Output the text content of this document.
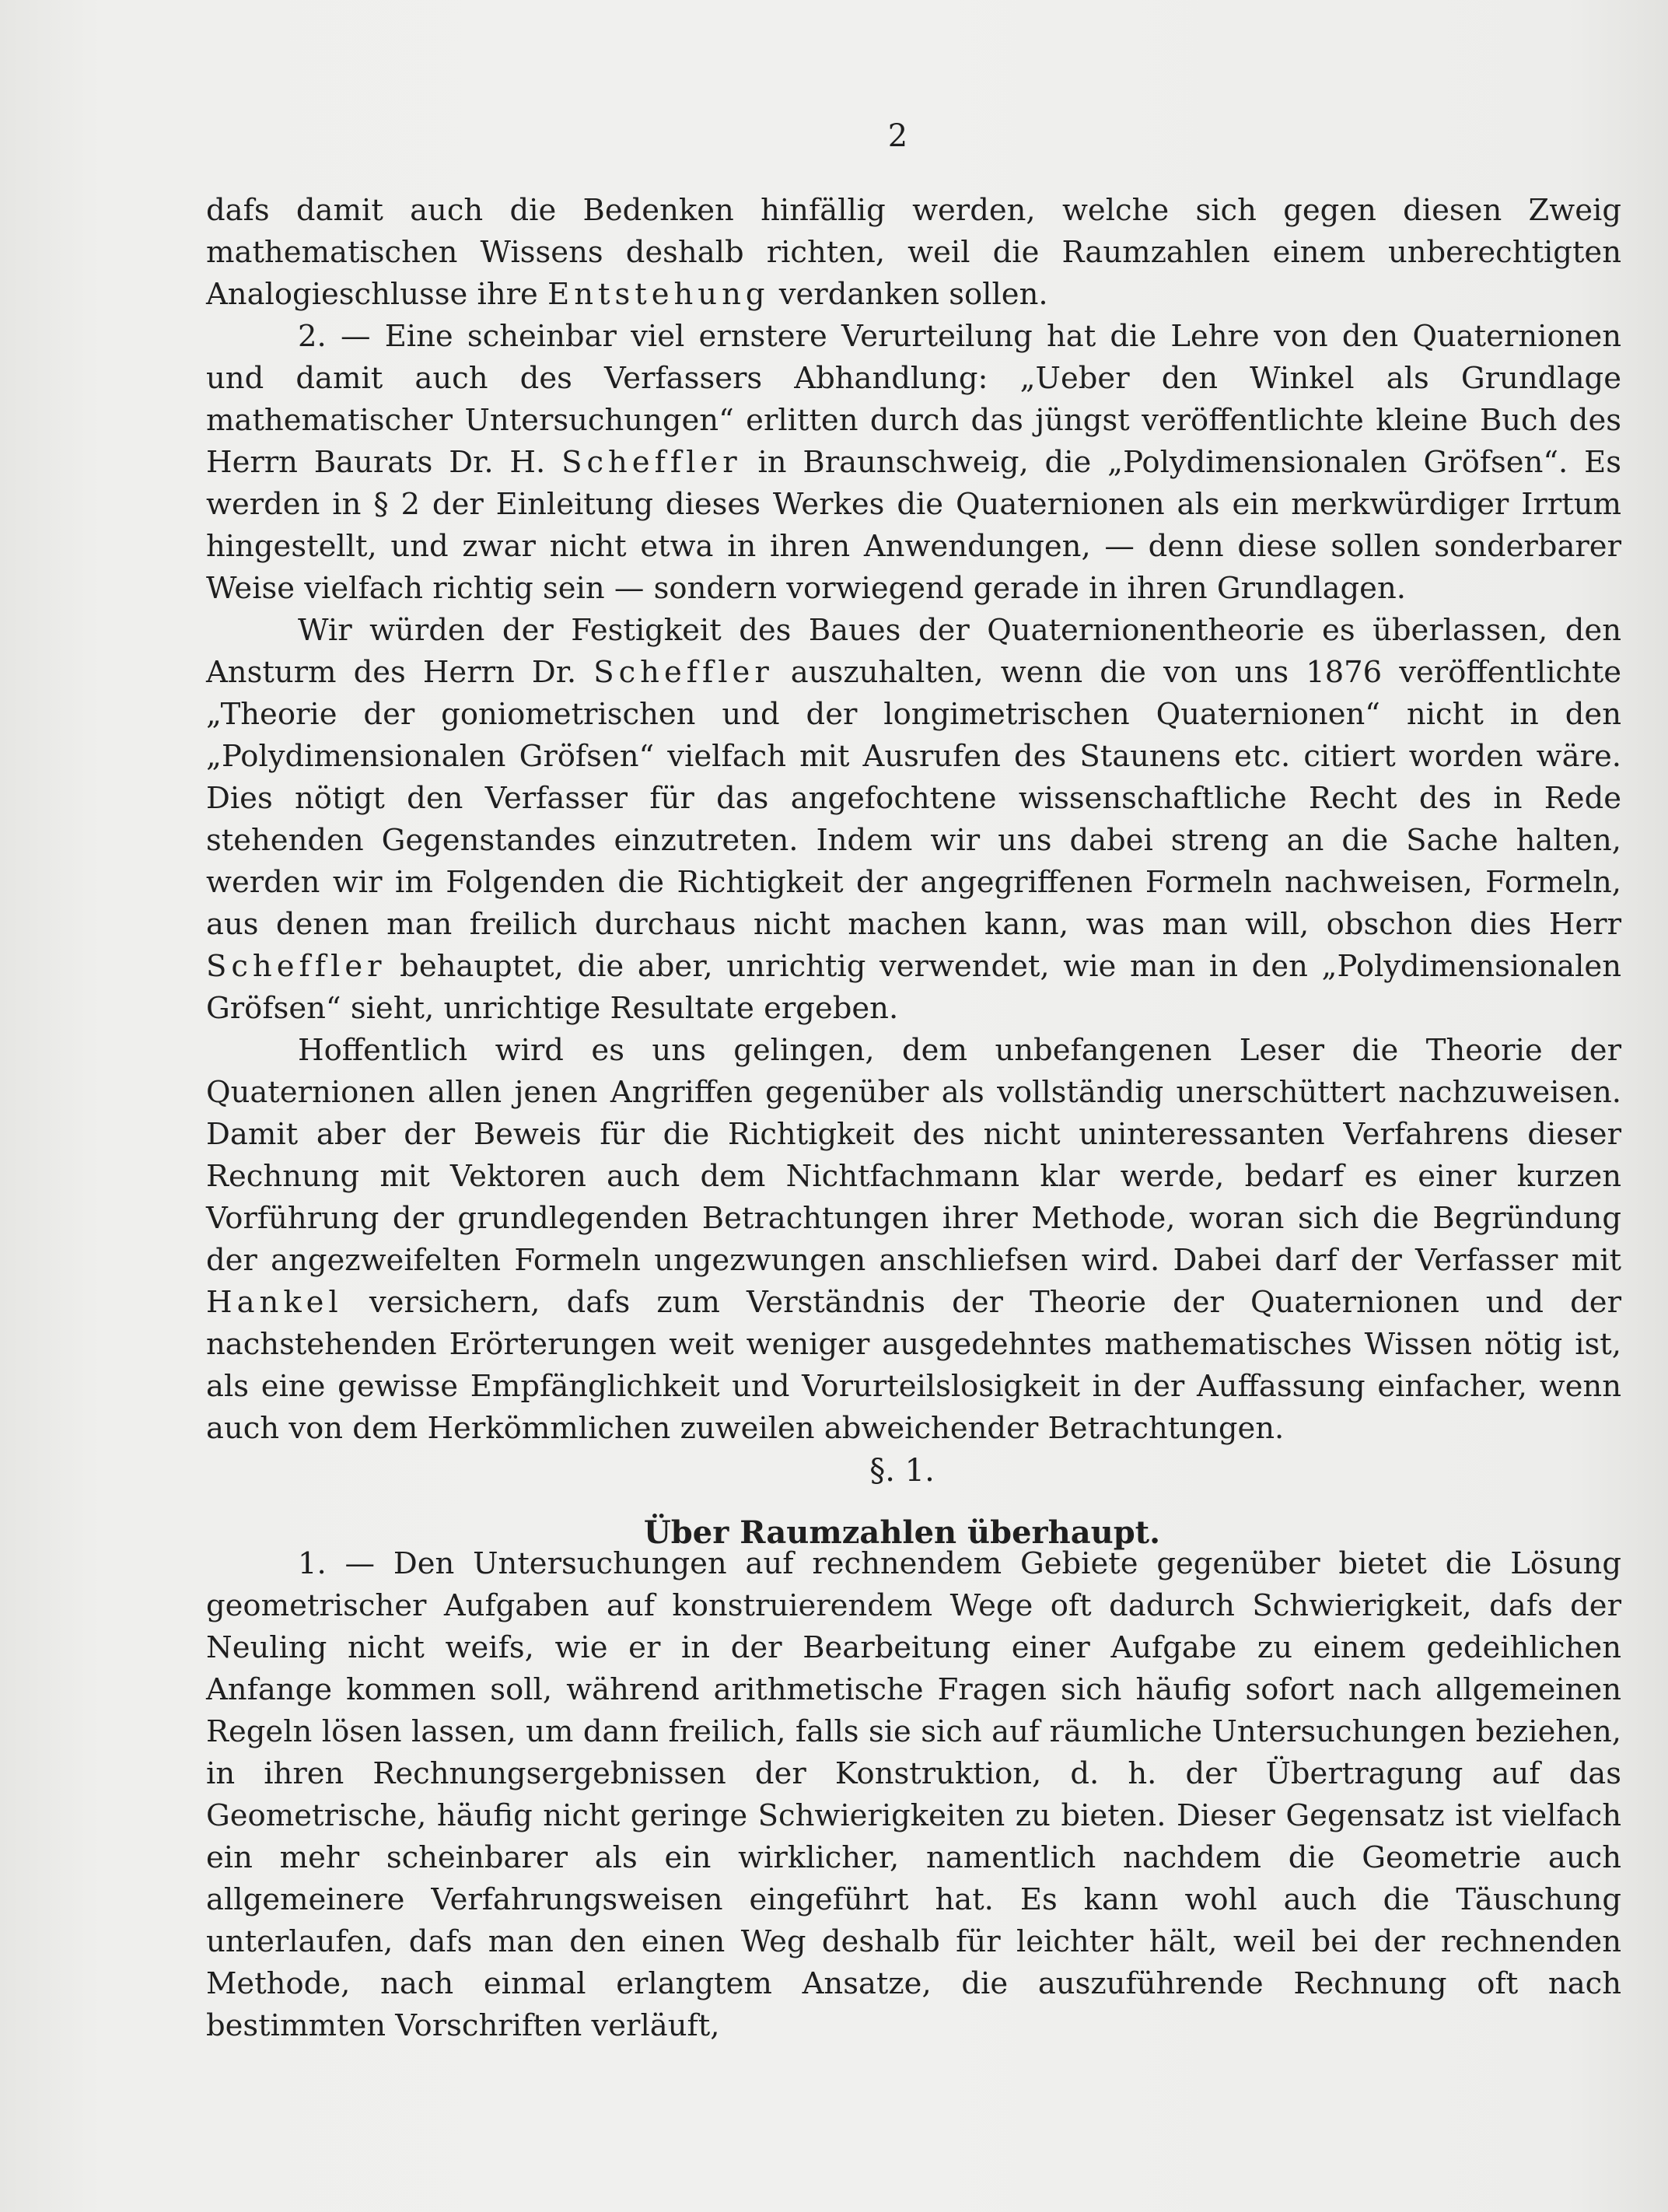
2

dafs damit auch die Bedenken hinfällig werden, welche sich gegen diesen Zweig mathematischen Wissens deshalb richten, weil die Raumzahlen einem unberechtigten Analogieschlusse ihre Entstehung verdanken sollen.

2. — Eine scheinbar viel ernstere Verurteilung hat die Lehre von den Quaternionen und damit auch des Verfassers Abhandlung: „Ueber den Winkel als Grundlage mathematischer Untersuchungen“ erlitten durch das jüngst veröffentlichte kleine Buch des Herrn Baurats Dr. H. Scheffler in Braunschweig, die „Polydimensionalen Gröfsen“. Es werden in § 2 der Einleitung dieses Werkes die Quaternionen als ein merkwürdiger Irrtum hingestellt, und zwar nicht etwa in ihren Anwendungen, — denn diese sollen sonderbarer Weise vielfach richtig sein — sondern vorwiegend gerade in ihren Grundlagen.

Wir würden der Festigkeit des Baues der Quaternionentheorie es überlassen, den Ansturm des Herrn Dr. Scheffler auszuhalten, wenn die von uns 1876 veröffentlichte „Theorie der goniometrischen und der longimetrischen Quaternionen“ nicht in den „Polydimensionalen Gröfsen“ vielfach mit Ausrufen des Staunens etc. citiert worden wäre. Dies nötigt den Verfasser für das angefochtene wissenschaftliche Recht des in Rede stehenden Gegenstandes einzutreten. Indem wir uns dabei streng an die Sache halten, werden wir im Folgenden die Richtigkeit der angegriffenen Formeln nachweisen, Formeln, aus denen man freilich durchaus nicht machen kann, was man will, obschon dies Herr Scheffler behauptet, die aber, unrichtig verwendet, wie man in den „Polydimensionalen Gröfsen“ sieht, unrichtige Resultate ergeben.

Hoffentlich wird es uns gelingen, dem unbefangenen Leser die Theorie der Quaternionen allen jenen Angriffen gegenüber als vollständig unerschüttert nachzuweisen. Damit aber der Beweis für die Richtigkeit des nicht uninteressanten Verfahrens dieser Rechnung mit Vektoren auch dem Nichtfachmann klar werde, bedarf es einer kurzen Vorführung der grundlegenden Betrachtungen ihrer Methode, woran sich die Begründung der angezweifelten Formeln ungezwungen anschliefsen wird. Dabei darf der Verfasser mit Hankel versichern, dafs zum Verständnis der Theorie der Quaternionen und der nachstehenden Erörterungen weit weniger ausgedehntes mathematisches Wissen nötig ist, als eine gewisse Empfänglichkeit und Vorurteilslosigkeit in der Auffassung einfacher, wenn auch von dem Herkömmlichen zuweilen abweichender Betrachtungen.

§. 1.
Über Raumzahlen überhaupt.

1. — Den Untersuchungen auf rechnendem Gebiete gegenüber bietet die Lösung geometrischer Aufgaben auf konstruierendem Wege oft dadurch Schwierigkeit, dafs der Neuling nicht weifs, wie er in der Bearbeitung einer Aufgabe zu einem gedeihlichen Anfange kommen soll, während arithmetische Fragen sich häufig sofort nach allgemeinen Regeln lösen lassen, um dann freilich, falls sie sich auf räumliche Untersuchungen beziehen, in ihren Rechnungsergebnissen der Konstruktion, d. h. der Übertragung auf das Geometrische, häufig nicht geringe Schwierigkeiten zu bieten. Dieser Gegensatz ist vielfach ein mehr scheinbarer als ein wirklicher, namentlich nachdem die Geometrie auch allgemeinere Verfahrungsweisen eingeführt hat. Es kann wohl auch die Täuschung unterlaufen, dafs man den einen Weg deshalb für leichter hält, weil bei der rechnenden Methode, nach einmal erlangtem Ansatze, die auszuführende Rechnung oft nach bestimmten Vorschriften verläuft,
